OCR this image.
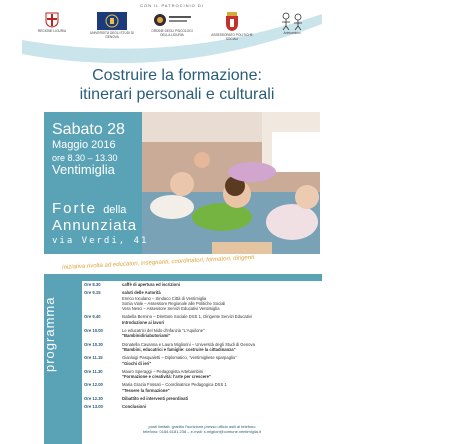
CON IL PATROCINIO DI
REGIONE LIGURIA	UNIVERSITÀ DEGLI STUDI DI GENOVA
ORDINE DEGLI PSICOLOGI DELLA LIGURIA	ASSESSORATO POLITICHE SOCIALI
Artebambini
Costruire la formazione:
itinerari personali e culturali
Sabato 28
Maggio 2016
ore 8.30 – 13.30
Ventimiglia
Forte della
Annunziata
via Verdi, 41
Iniziativa rivolta ad educatori, insegnanti, coordinatori, formatori, dirigenti
programma
Ore 8.30	caffè di apertura ed iscrizioni
Ore 9.15	saluti delle Autorità
Enrico Ioculano – Sindaco Città di Ventimiglia
Sonia Viale – Assessore Regionale alle Politiche Sociali
Vera Nesci – Assessore Servizi Educativi Ventimiglia
Ore 9.40	Isabella Bernino – Direttore Sociale DSS 1, Dirigente Servizi Educativi
Introduzione ai lavori
Ore 10.00	Le educatrici del Nido d'infanzia "L'Aquilone"
"Bambinidiriabutoriami"
Ore 10.30	Donatella Cavanna e Laura Migliorini – Università degli Studi di Genova
"Bambini, educatrici e famiglie: costruire la cittadinanza"
Ore 11.15	Gianluigi Pasqualetti – Diplomatico, "ventimigliese sparpagliu"
"Giochi di ieri"
Ore 11.30	Mauro Speraggi – Pedagogista Artebambini
"Formazione e creatività: l'arte per crescere"
Ore 12.00	Maria Grazia Fossati – Coordinatrice Pedagogica DSS 1
"Tessere la formazione"
Ore 12.30	Dibattito ed interventi preordinati
Ore 13.00	Conclusioni
posti limitati: gradita l'iscrizione presso ufficio asili al telefono
telefono: 0184.6181.238 – e-mail: s.migliori@comune.ventimiglia.it
